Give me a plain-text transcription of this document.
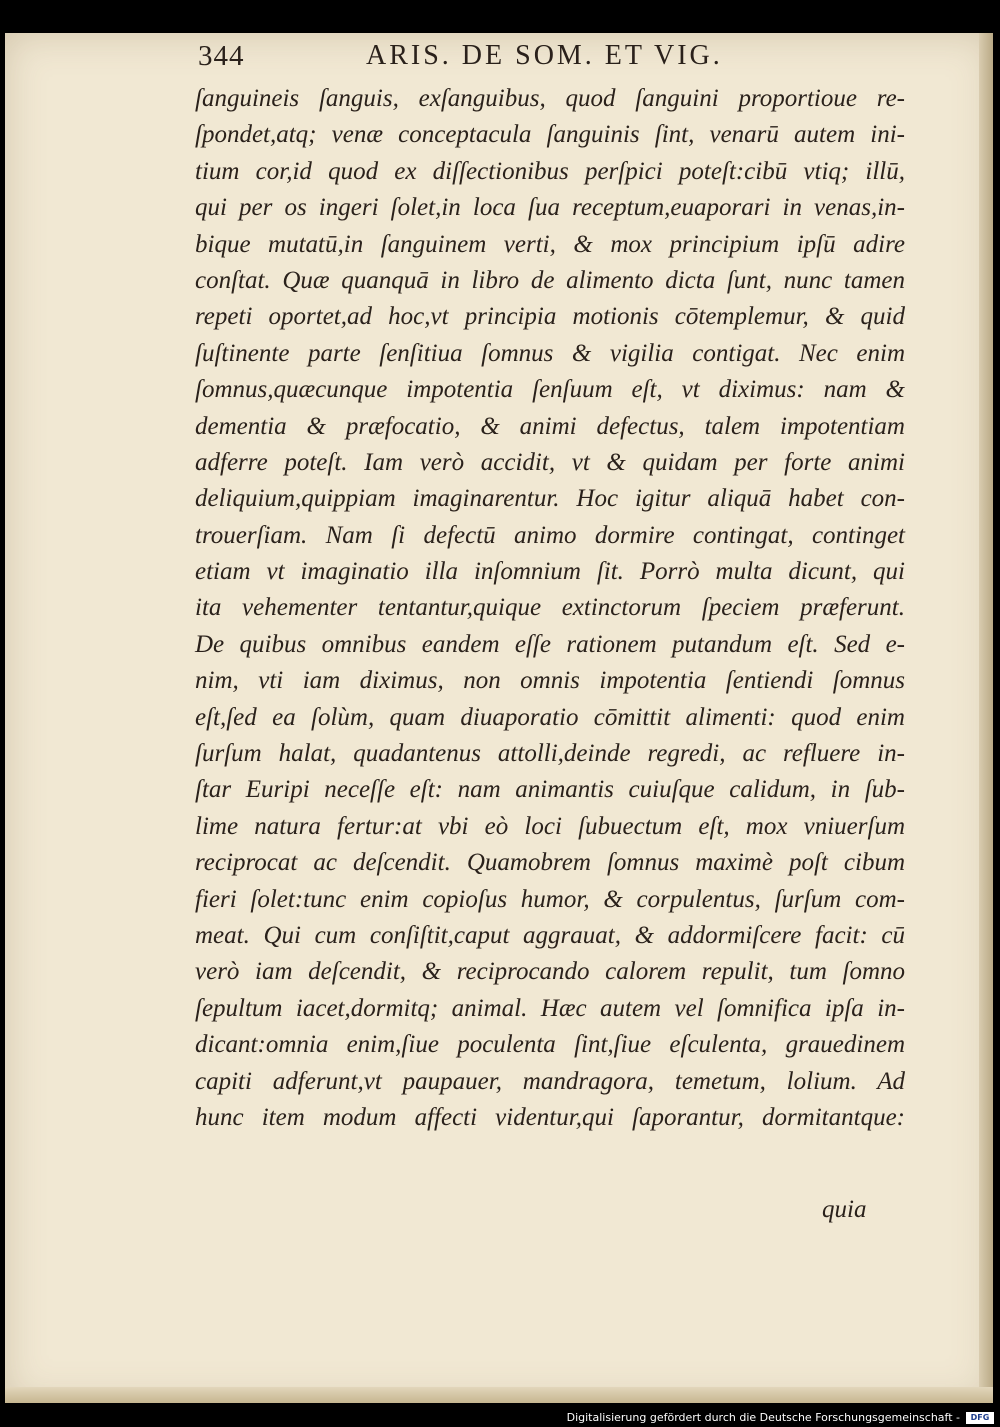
344	ARIS. DE SOM. ET VIG.
ſanguineis ſanguis, exſanguibus, quod ſanguini proportioue re-
ſpondet,atq; venæ conceptacula ſanguinis ſint, venarū autem ini-
tium cor,id quod ex diſſectionibus perſpici poteſt:cibū vtiq; illū,
qui per os ingeri ſolet,in loca ſua receptum,euaporari in venas,in-
bique mutatū,in ſanguinem verti, & mox principium ipſū adire
conſtat. Quæ quanquā in libro de alimento dicta ſunt, nunc tamen
repeti oportet,ad hoc,vt principia motionis cōtemplemur, & quid
ſuſtinente parte ſenſitiua ſomnus & vigilia contigat. Nec enim
ſomnus,quæcunque impotentia ſenſuum eſt, vt diximus: nam &
dementia & præfocatio, & animi defectus, talem impotentiam
adferre poteſt. Iam verò accidit, vt & quidam per forte animi
deliquium,quippiam imaginarentur. Hoc igitur aliquā habet con-
trouerſiam. Nam ſi defectū animo dormire contingat, continget
etiam vt imaginatio illa inſomnium ſit. Porrò multa dicunt, qui
ita vehementer tentantur,quique extinctorum ſpeciem præferunt.
De quibus omnibus eandem eſſe rationem putandum eſt. Sed e-
nim, vti iam diximus, non omnis impotentia ſentiendi ſomnus
eſt,ſed ea ſolùm, quam diuaporatio cōmittit alimenti: quod enim
ſurſum halat, quadantenus attolli,deinde regredi, ac refluere in-
ſtar Euripi neceſſe eſt: nam animantis cuiuſque calidum, in ſub-
lime natura fertur:at vbi eò loci ſubuectum eſt, mox vniuerſum
reciprocat ac deſcendit. Quamobrem ſomnus maximè poſt cibum
fieri ſolet:tunc enim copioſus humor, & corpulentus, ſurſum com-
meat. Qui cum conſiſtit,caput aggrauat, & addormiſcere facit: cū
verò iam deſcendit, & reciprocando calorem repulit, tum ſomno
ſepultum iacet,dormitq; animal. Hæc autem vel ſomnifica ipſa in-
dicant:omnia enim,ſiue poculenta ſint,ſiue eſculenta, grauedinem
capiti adferunt,vt paupauer, mandragora, temetum, lolium. Ad
hunc item modum affecti videntur,qui ſaporantur, dormitantque:
quia
Digitalisierung gefördert durch die Deutsche Forschungsgemeinschaft -	DFG
